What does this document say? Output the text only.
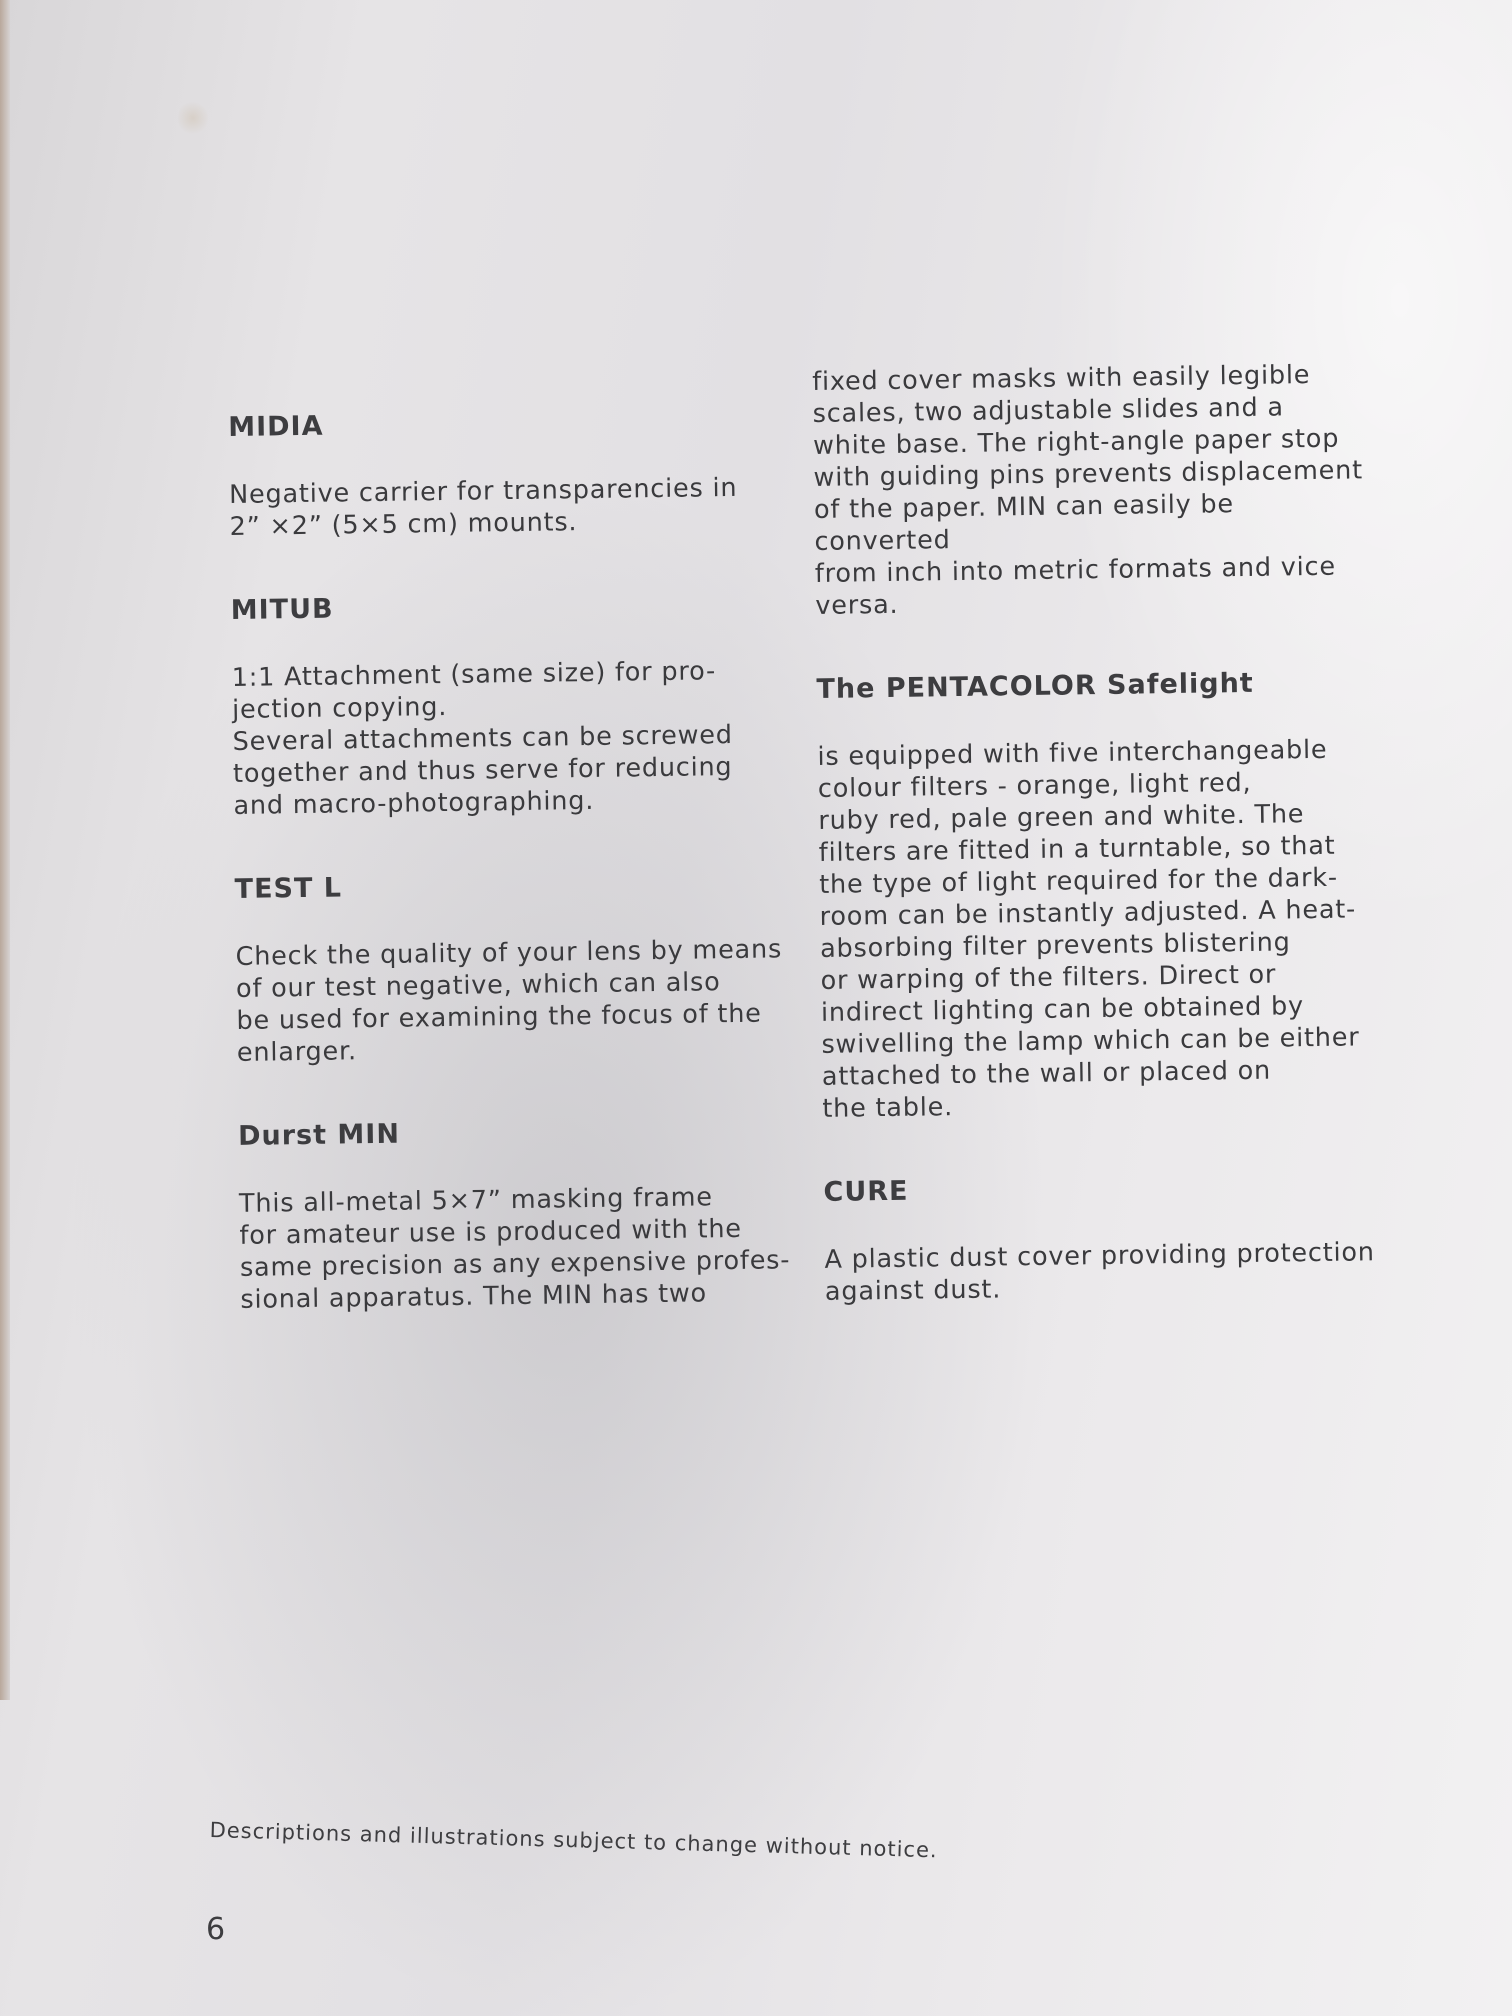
MIDIA

Negative carrier for transparencies in
2” ×2” (5×5 cm) mounts.

MITUB

1:1 Attachment (same size) for pro-
jection copying.
Several attachments can be screwed
together and thus serve for reducing
and macro-photographing.

TEST L

Check the quality of your lens by means
of our test negative, which can also
be used for examining the focus of the
enlarger.

Durst MIN

This all-metal 5×7” masking frame
for amateur use is produced with the
same precision as any expensive profes-
sional apparatus. The MIN has two

fixed cover masks with easily legible
scales, two adjustable slides and a
white base. The right-angle paper stop
with guiding pins prevents displacement
of the paper. MIN can easily be converted
from inch into metric formats and vice
versa.

The PENTACOLOR Safelight

is equipped with five interchangeable
colour filters - orange, light red,
ruby red, pale green and white. The
filters are fitted in a turntable, so that
the type of light required for the dark-
room can be instantly adjusted. A heat-
absorbing filter prevents blistering
or warping of the filters. Direct or
indirect lighting can be obtained by
swivelling the lamp which can be either
attached to the wall or placed on
the table.

CURE

A plastic dust cover providing protection
against dust.

Descriptions and illustrations subject to change without notice.
6
